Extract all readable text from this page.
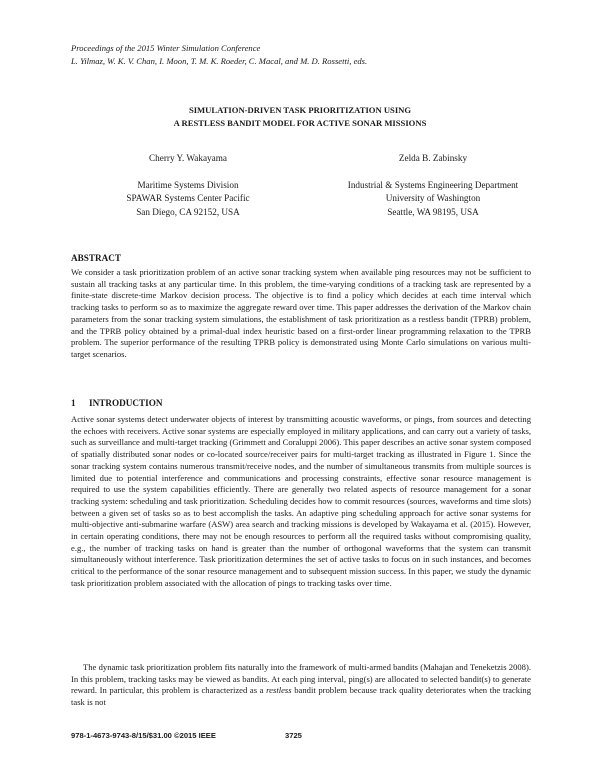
Proceedings of the 2015 Winter Simulation Conference
L. Yilmaz, W. K. V. Chan, I. Moon, T. M. K. Roeder, C. Macal, and M. D. Rossetti, eds.
SIMULATION-DRIVEN TASK PRIORITIZATION USING
A RESTLESS BANDIT MODEL FOR ACTIVE SONAR MISSIONS
Cherry Y. Wakayama
Maritime Systems Division
SPAWAR Systems Center Pacific
San Diego, CA 92152, USA
Zelda B. Zabinsky
Industrial & Systems Engineering Department
University of Washington
Seattle, WA 98195, USA
ABSTRACT

We consider a task prioritization problem of an active sonar tracking system when available ping resources may not be sufficient to sustain all tracking tasks at any particular time. In this problem, the time-varying conditions of a tracking task are represented by a finite-state discrete-time Markov decision process. The objective is to find a policy which decides at each time interval which tracking tasks to perform so as to maximize the aggregate reward over time. This paper addresses the derivation of the Markov chain parameters from the sonar tracking system simulations, the establishment of task prioritization as a restless bandit (TPRB) problem, and the TPRB policy obtained by a primal-dual index heuristic based on a first-order linear programming relaxation to the TPRB problem. The superior performance of the resulting TPRB policy is demonstrated using Monte Carlo simulations on various multi-target scenarios.

1 INTRODUCTION

Active sonar systems detect underwater objects of interest by transmitting acoustic waveforms, or pings, from sources and detecting the echoes with receivers. Active sonar systems are especially employed in military applications, and can carry out a variety of tasks, such as surveillance and multi-target tracking (Grimmett and Coraluppi 2006). This paper describes an active sonar system composed of spatially distributed sonar nodes or co-located source/receiver pairs for multi-target tracking as illustrated in Figure 1. Since the sonar tracking system contains numerous transmit/receive nodes, and the number of simultaneous transmits from multiple sources is limited due to potential interference and communications and processing constraints, effective sonar resource management is required to use the system capabilities efficiently. There are generally two related aspects of resource management for a sonar tracking system: scheduling and task prioritization. Scheduling decides how to commit resources (sources, waveforms and time slots) between a given set of tasks so as to best accomplish the tasks. An adaptive ping scheduling approach for active sonar systems for multi-objective anti-submarine warfare (ASW) area search and tracking missions is developed by Wakayama et al. (2015). However, in certain operating conditions, there may not be enough resources to perform all the required tasks without compromising quality, e.g., the number of tracking tasks on hand is greater than the number of orthogonal waveforms that the system can transmit simultaneously without interference. Task prioritization determines the set of active tasks to focus on in such instances, and becomes critical to the performance of the sonar resource management and to subsequent mission success. In this paper, we study the dynamic task prioritization problem associated with the allocation of pings to tracking tasks over time.

The dynamic task prioritization problem fits naturally into the framework of multi-armed bandits (Mahajan and Teneketzis 2008). In this problem, tracking tasks may be viewed as bandits. At each ping interval, ping(s) are allocated to selected bandit(s) to generate reward. In particular, this problem is characterized as a restless bandit problem because track quality deteriorates when the tracking task is not

978-1-4673-9743-8/15/$31.00 ©2015 IEEE	3725
